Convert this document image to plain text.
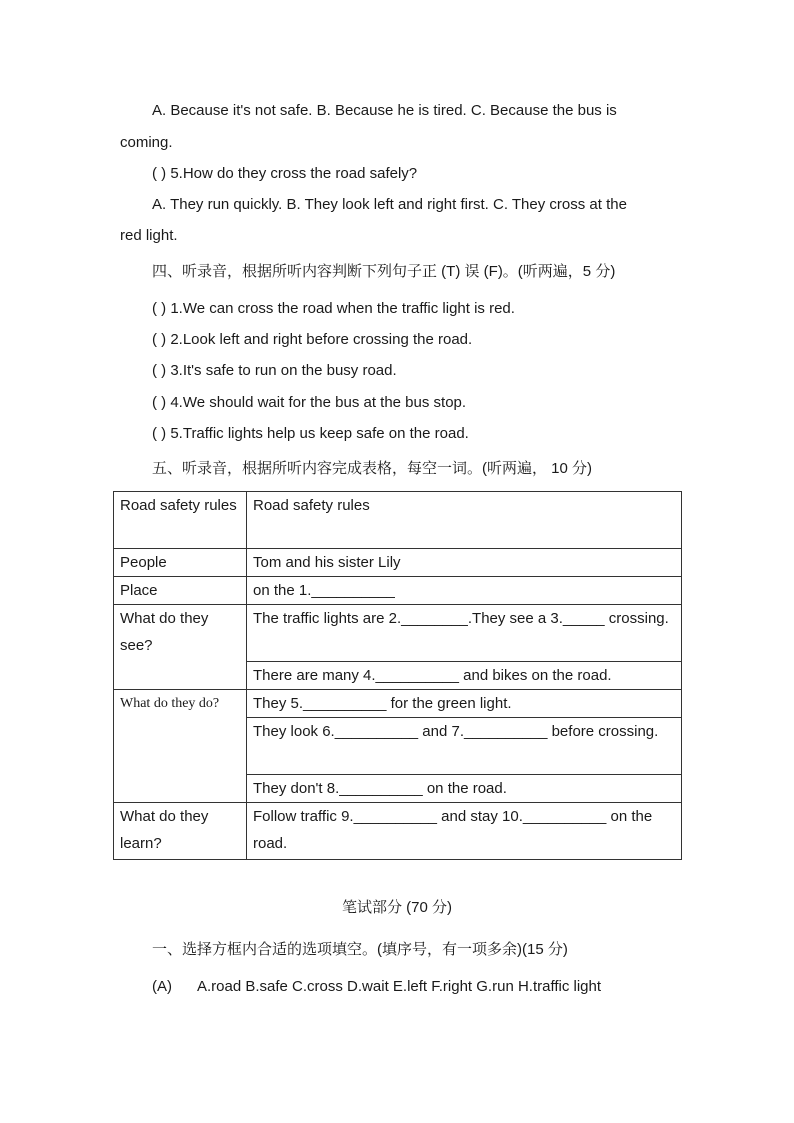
A. Because it's not safe. B. Because he is tired. C. Because the bus is
coming.
( ) 5.How do they cross the road safely?
A. They run quickly. B. They look left and right first. C. They cross at the
red light.
四、听录音，根据所听内容判断下列句子正 (T) 误 (F)。(听两遍，5 分)
( ) 1.We can cross the road when the traffic light is red.
( ) 2.Look left and right before crossing the road.
( ) 3.It's safe to run on the busy road.
( ) 4.We should wait for the bus at the bus stop.
( ) 5.Traffic lights help us keep safe on the road.
五、听录音，根据所听内容完成表格，每空一词。(听两遍， 10 分)
Road safety rules	Road safety rules
People	Tom and his sister Lily
Place	on the 1.__________
What do they see?	The traffic lights are 2.________.They see a 3._____ crossing.
	There are many 4.__________ and bikes on the road.
What do they do?	They 5.__________ for the green light.
	They look 6.__________ and 7.__________ before crossing.
	They don't 8.__________ on the road.
What do they learn?	Follow traffic 9.__________ and stay 10.__________ on the road.
笔试部分 (70 分)
一、选择方框内合适的选项填空。(填序号，有一项多余)(15 分)
(A) A.road B.safe C.cross D.wait E.left F.right G.run H.traffic light
